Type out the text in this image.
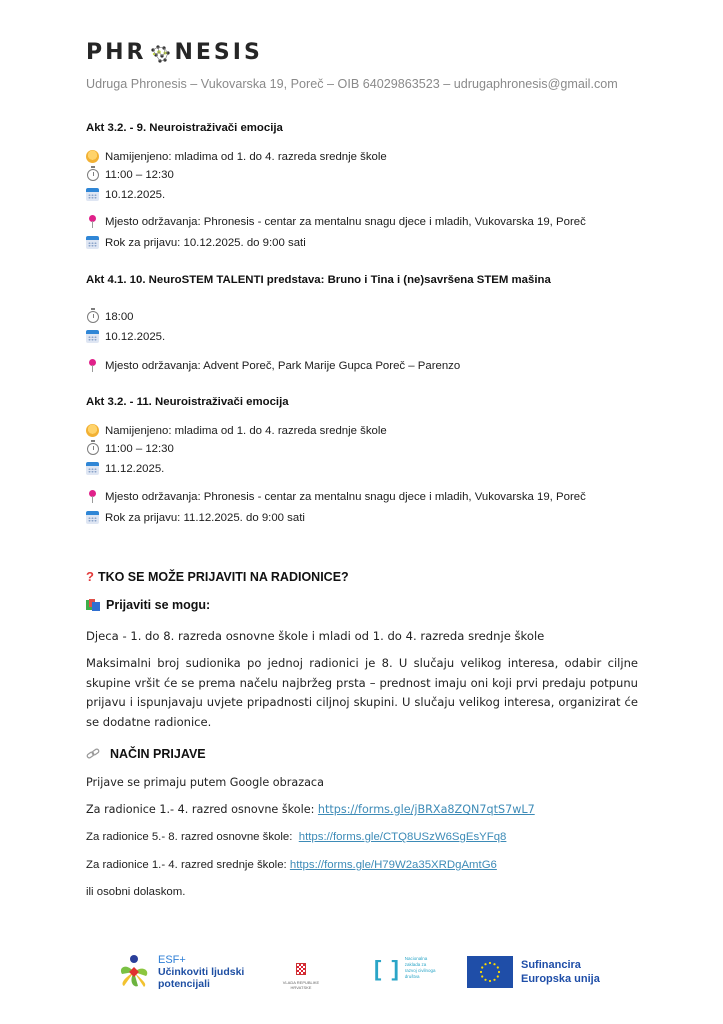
PHR NESIS
Udruga Phronesis – Vukovarska 19, Poreč – OIB 64029863523 – udrugaphronesis@gmail.com
Akt 3.2. - 9. Neuroistraživači emocija
Namijenjeno: mladima od 1. do 4. razreda srednje škole
11:00 – 12:30
10.12.2025.
Mjesto održavanja: Phronesis - centar za mentalnu snagu djece i mladih, Vukovarska 19, Poreč
Rok za prijavu: 10.12.2025. do 9:00 sati
Akt 4.1. 10. NeuroSTEM TALENTI predstava: Bruno i Tina i (ne)savršena STEM mašina
18:00
10.12.2025.
Mjesto održavanja: Advent Poreč, Park Marije Gupca Poreč – Parenzo
Akt 3.2. - 11. Neuroistraživači emocija
Namijenjeno: mladima od 1. do 4. razreda srednje škole
11:00 – 12:30
11.12.2025.
Mjesto održavanja: Phronesis - centar za mentalnu snagu djece i mladih, Vukovarska 19, Poreč
Rok za prijavu: 11.12.2025. do 9:00 sati
? TKO SE MOŽE PRIJAVITI NA RADIONICE?
Prijaviti se mogu:
Djeca - 1. do 8. razreda osnovne škole i mladi od 1. do 4. razreda srednje škole
Maksimalni broj sudionika po jednoj radionici je 8. U slučaju velikog interesa, odabir ciljne skupine vršit će se prema načelu najbržeg prsta – prednost imaju oni koji prvi predaju potpunu prijavu i ispunjavaju uvjete pripadnosti ciljnoj skupini. U slučaju velikog interesa, organizirat će se dodatne radionice.
NAČIN PRIJAVE
Prijave se primaju putem Google obrazaca
Za radionice 1.- 4. razred osnovne škole: https://forms.gle/jBRXa8ZQN7qtS7wL7
Za radionice 5.- 8. razred osnovne škole:  https://forms.gle/CTQ8USzW6SgEsYFq8
Za radionice 1.- 4. razred srednje škole: https://forms.gle/H79W2a35XRDgAmtG6
ili osobni dolaskom.
ESF+
Učinkoviti ljudski
potencijali	VLADA REPUBLIKE HRVATSKE
[ ] Nacionalna zaklada za razvoj civilnoga društva
Sufinancira
Europska unija
